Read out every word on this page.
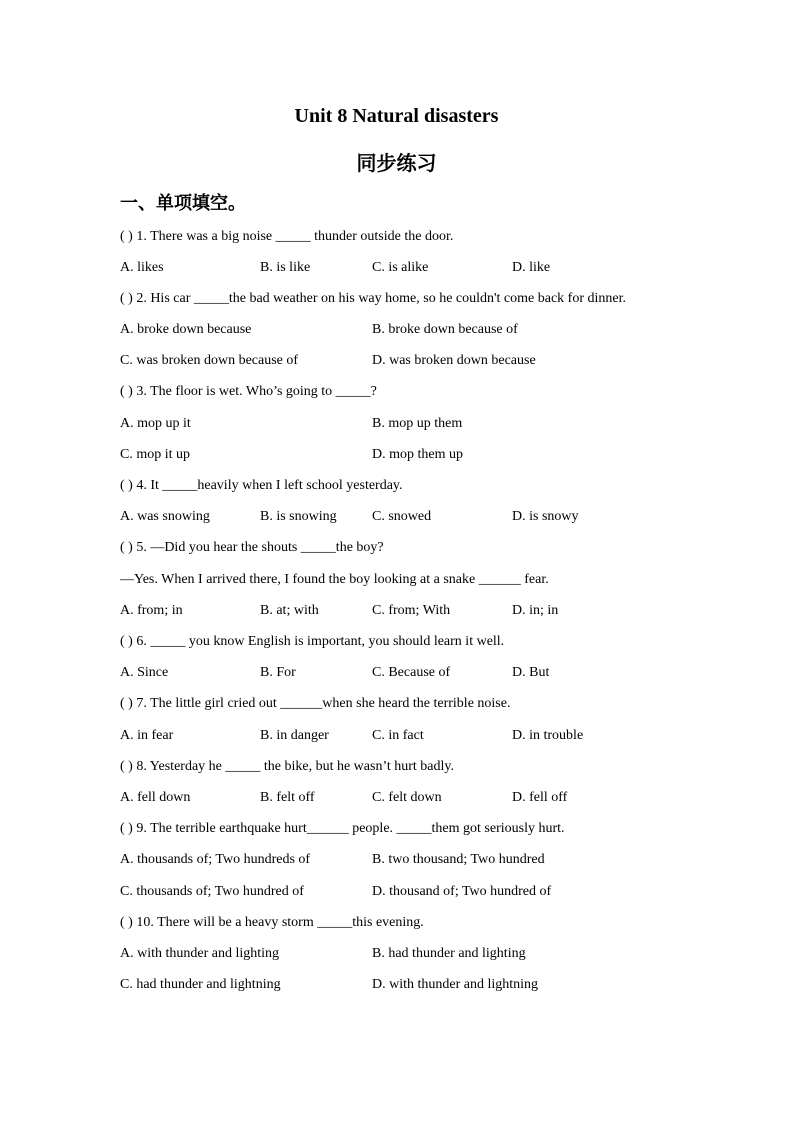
Unit 8 Natural disasters
同步练习
一、单项填空。
( ) 1. There was a big noise _____ thunder outside the door.
A. likes	B. is like	C. is alike	D. like
( ) 2. His car _____the bad weather on his way home, so he couldn't come back for dinner.
A. broke down because	B. broke down because of
C. was broken down because of	D. was broken down because
( ) 3. The floor is wet. Who’s going to _____?
A. mop up it	B. mop up them
C. mop it up	D. mop them up
( ) 4. It _____heavily when I left school yesterday.
A. was snowing	B. is snowing	C. snowed	D. is snowy
( ) 5. —Did you hear the shouts _____the boy?
—Yes. When I arrived there, I found the boy looking at a snake ______ fear.
A. from; in	B. at; with	C. from; With	D. in; in
( ) 6. _____ you know English is important, you should learn it well.
A. Since	B. For	C. Because of	D. But
( ) 7. The little girl cried out ______when she heard the terrible noise.
A. in fear	B. in danger	C. in fact	D. in trouble
( ) 8. Yesterday he _____ the bike, but he wasn’t hurt badly.
A. fell down	B. felt off	C. felt down	D. fell off
( ) 9. The terrible earthquake hurt______ people. _____them got seriously hurt.
A. thousands of; Two hundreds of	B. two thousand; Two hundred
C. thousands of; Two hundred of	D. thousand of; Two hundred of
( ) 10. There will be a heavy storm _____this evening.
A. with thunder and lighting	B. had thunder and lighting
C. had thunder and lightning	D. with thunder and lightning
